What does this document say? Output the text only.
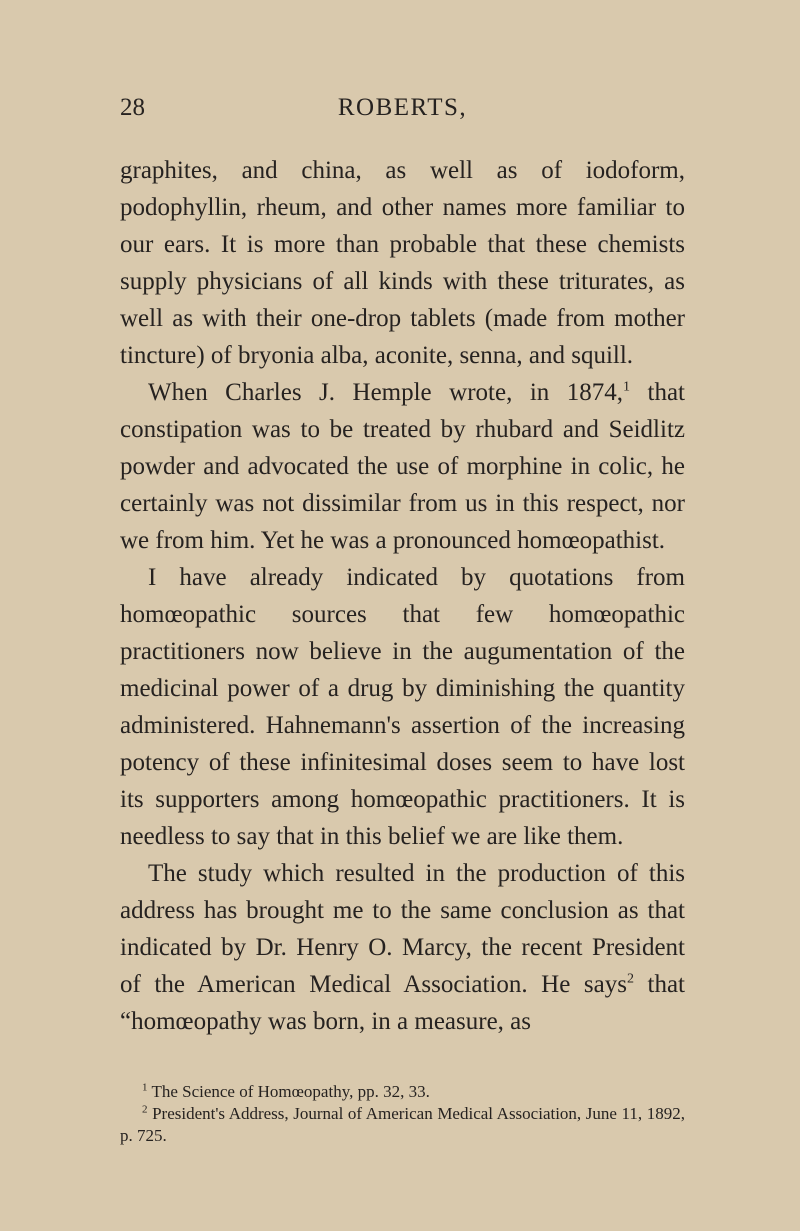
28	ROBERTS,

graphites, and china, as well as of iodoform, podophyllin, rheum, and other names more familiar to our ears. It is more than probable that these chemists supply physicians of all kinds with these triturates, as well as with their one-drop tablets (made from mother tincture) of bryonia alba, aconite, senna, and squill.

When Charles J. Hemple wrote, in 1874,$^1$ that constipation was to be treated by rhubard and Seidlitz powder and advocated the use of morphine in colic, he certainly was not dissimilar from us in this respect, nor we from him. Yet he was a pronounced homœopathist.

I have already indicated by quotations from homœopathic sources that few homœopathic practitioners now believe in the augumentation of the medicinal power of a drug by diminishing the quantity administered. Hahnemann's assertion of the increasing potency of these infinitesimal doses seem to have lost its supporters among homœopathic practitioners. It is needless to say that in this belief we are like them.

The study which resulted in the production of this address has brought me to the same conclusion as that indicated by Dr. Henry O. Marcy, the recent President of the American Medical Association. He says$^2$ that “homœopathy was born, in a measure, as

$^1$ The Science of Homœopathy, pp. 32, 33.

$^2$ President's Address, Journal of American Medical Association, June 11, 1892, p. 725.
